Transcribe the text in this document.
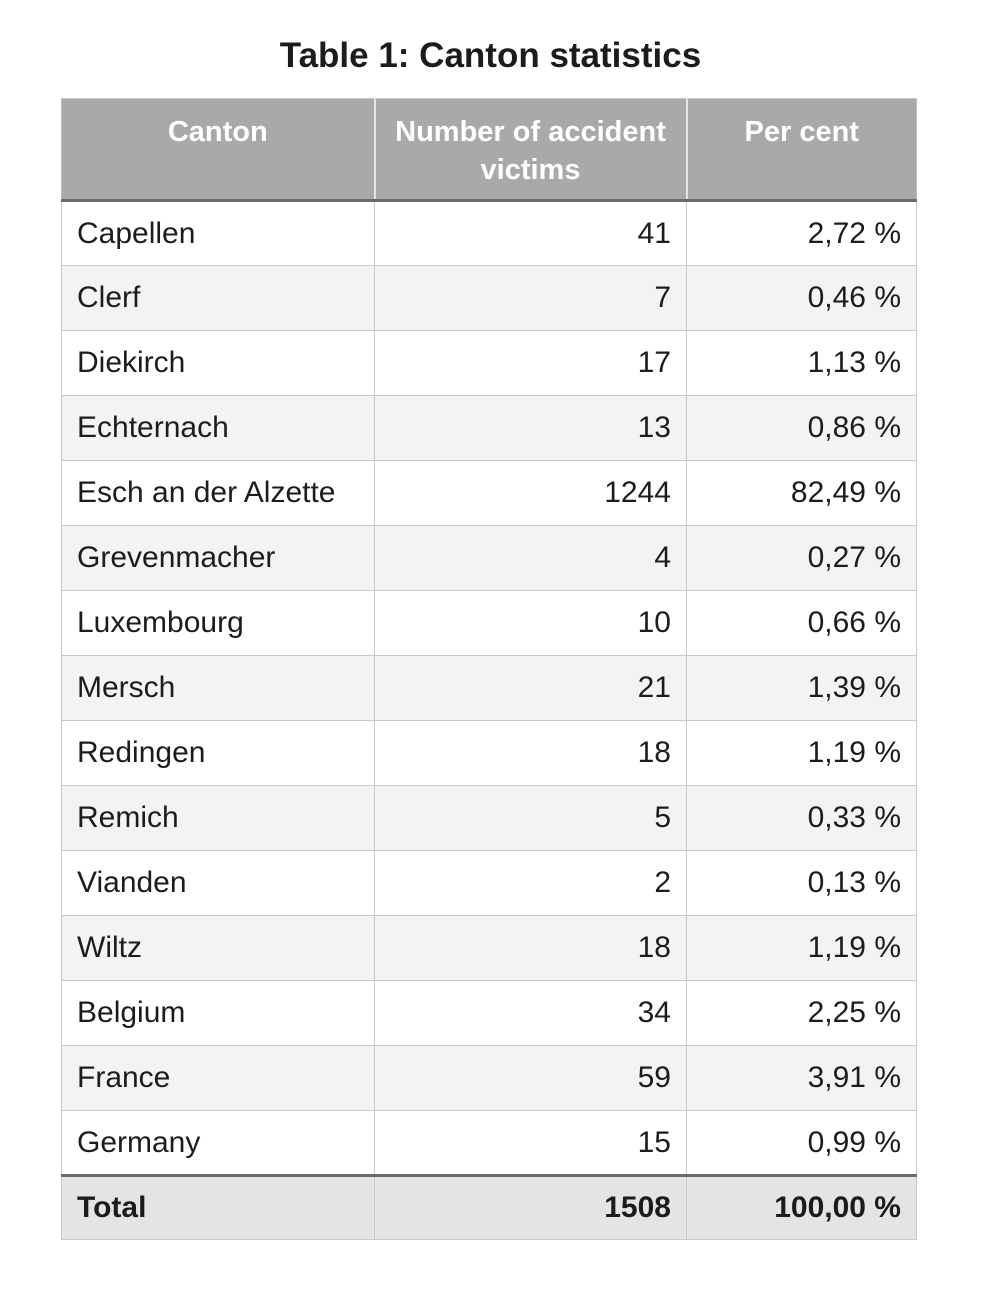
Table 1: Canton statistics
Canton	Number of accident victims	Per cent
Capellen	41	2,72 %
Clerf	7	0,46 %
Diekirch	17	1,13 %
Echternach	13	0,86 %
Esch an der Alzette	1244	82,49 %
Grevenmacher	4	0,27 %
Luxembourg	10	0,66 %
Mersch	21	1,39 %
Redingen	18	1,19 %
Remich	5	0,33 %
Vianden	2	0,13 %
Wiltz	18	1,19 %
Belgium	34	2,25 %
France	59	3,91 %
Germany	15	0,99 %
Total	1508	100,00 %
